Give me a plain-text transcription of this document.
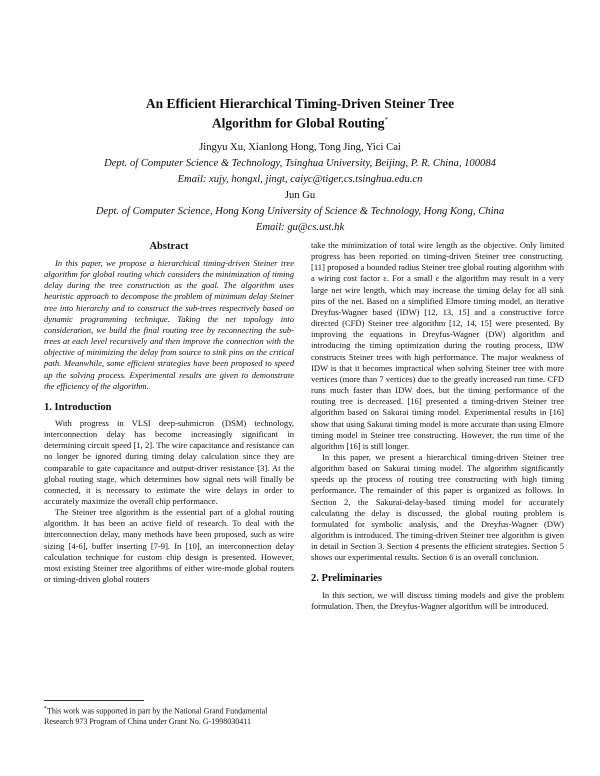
An Efficient Hierarchical Timing-Driven Steiner Tree
Algorithm for Global Routing*
Jingyu Xu, Xianlong Hong, Tong Jing, Yici Cai
Dept. of Computer Science & Technology, Tsinghua University, Beijing, P. R. China, 100084
Email: xujy, hongxl, jingt, caiyc@tiger.cs.tsinghua.edu.cn
Jun Gu
Dept. of Computer Science, Hong Kong University of Science & Technology, Hong Kong, China
Email: gu@cs.ust.hk
Abstract

In this paper, we propose a hierarchical timing-driven Steiner tree algorithm for global routing which considers the minimization of timing delay during the tree construction as the goal. The algorithm uses heuristic approach to decompose the problem of minimum delay Steiner tree into hierarchy and to construct the sub-trees respectively based on dynamic programming technique. Taking the net topology into consideration, we build the final routing tree by reconnecting the sub-trees at each level recursively and then improve the connection with the objective of minimizing the delay from source to sink pins on the critical path. Meanwhile, some efficient strategies have been proposed to speed up the solving process. Experimental results are given to demonstrate the efficiency of the algorithm.

1. Introduction

With progress in VLSI deep-submicron (DSM) technology, interconnection delay has become increasingly significant in determining circuit speed [1, 2]. The wire capacitance and resistance can no longer be ignored during timing delay calculation since they are comparable to gate capacitance and output-driver resistance [3]. At the global routing stage, which determines how signal nets will finally be connected, it is necessary to estimate the wire delays in order to accurately maximize the overall chip performance.

The Steiner tree algorithm is the essential part of a global routing algorithm. It has been an active field of research. To deal with the interconnection delay, many methods have been proposed, such as wire sizing [4-6], buffer inserting [7-9]. In [10], an interconnection delay calculation technique for custom chip design is presented. However, most existing Steiner tree algorithms of either wire-mode global routers or timing-driven global routers

take the minimization of total wire length as the objective. Only limited progress has been reported on timing-driven Steiner tree constructing. [11] proposed a bounded radius Steiner tree global routing algorithm with a wiring cost factor ε. For a small ε the algorithm may result in a very large net wire length, which may increase the timing delay for all sink pins of the net. Based on a simplified Elmore timing model, an iterative Dreyfus-Wagner based (IDW) [12, 13, 15] and a constructive force directed (CFD) Steiner tree algorithm [12, 14, 15] were presented. By improving the equations in Dreyfus-Wagner (DW) algorithm and introducing the timing optimization during the routing process, IDW constructs Steiner trees with high performance. The major weakness of IDW is that it becomes impractical when solving Steiner tree with more vertices (more than 7 vertices) due to the greatly increased run time. CFD runs much faster than IDW does, but the timing performance of the routing tree is decreased. [16] presented a timing-driven Steiner tree algorithm based on Sakurai timing model. Experimental results in [16] show that using Sakurai timing model is more accurate than using Elmore timing model in Steiner tree constructing. However, the run time of the algorithm [16] is still longer.

In this paper, we present a hierarchical timing-driven Steiner tree algorithm based on Sakurai timing model. The algorithm significantly speeds up the process of routing tree constructing with high timing performance. The remainder of this paper is organized as follows. In Section 2, the Sakurai-delay-based timing model for accurately calculating the delay is discussed, the global routing problem is formulated for symbolic analysis, and the Dreyfus-Wagner (DW) algorithm is introduced. The timing-driven Steiner tree algorithm is given in detail in Section 3. Section 4 presents the efficient strategies. Section 5 shows our experimental results. Section 6 is an overall conclusion.

2. Preliminaries

In this section, we will discuss timing models and give the problem formulation. Then, the Dreyfus-Wagner algorithm will be introduced.

*This work was supported in part by the National Grand Fundamental Research 973 Program of China under Grant No. G-1998030411
